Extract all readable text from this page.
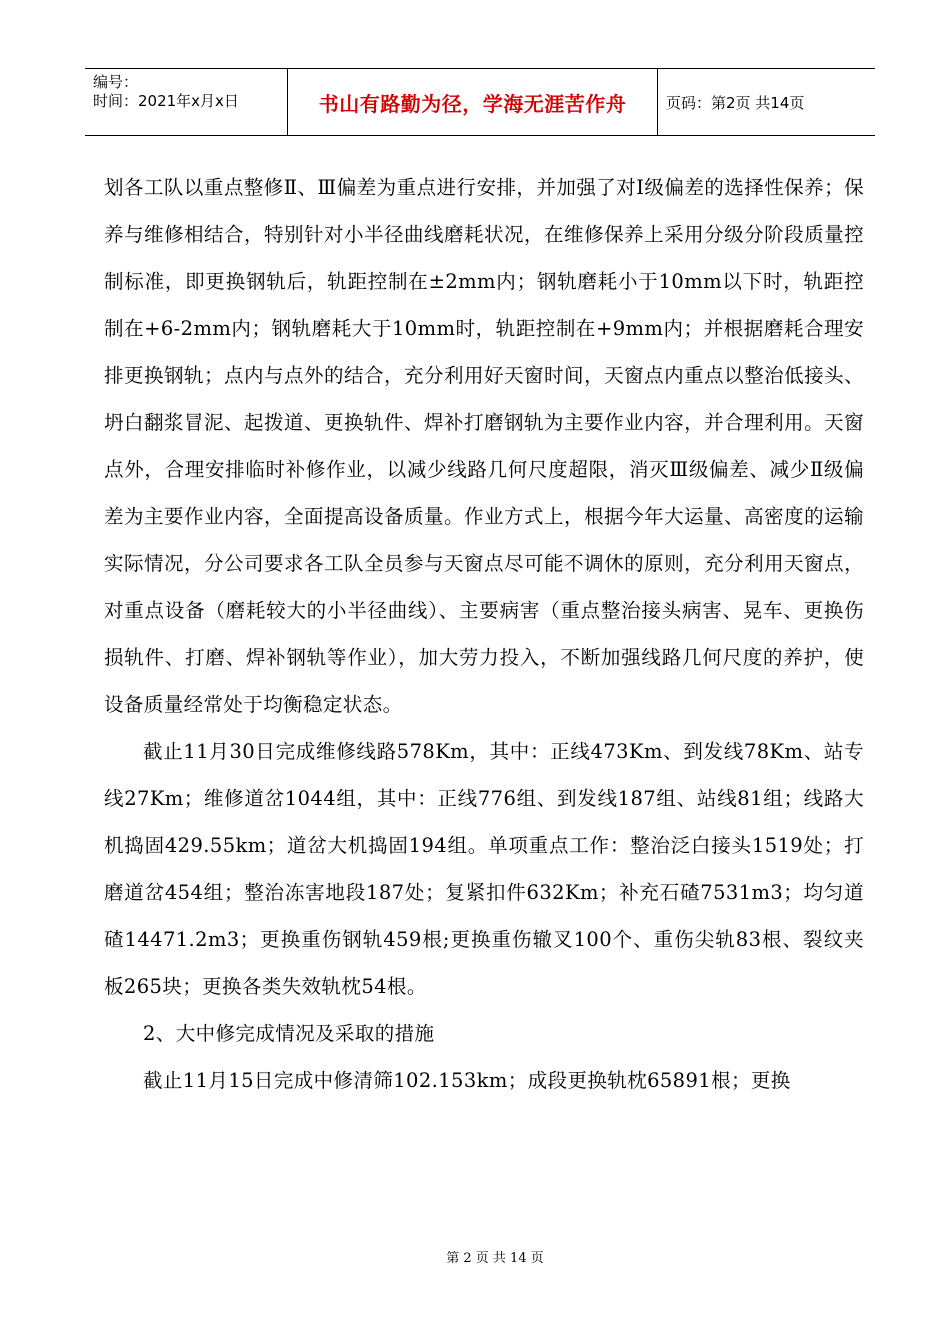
编号：
时间：2021年x月x日	书山有路勤为径，学海无涯苦作舟	页码：第2页 共14页

划各工队以重点整修Ⅱ、Ⅲ偏差为重点进行安排，并加强了对Ⅰ级偏差的选择性保养；保养与维修相结合，特别针对小半径曲线磨耗状况，在维修保养上采用分级分阶段质量控制标准，即更换钢轨后，轨距控制在±2mm内；钢轨磨耗小于10mm以下时，轨距控制在+6-2mm内；钢轨磨耗大于10mm时，轨距控制在+9mm内；并根据磨耗合理安排更换钢轨；点内与点外的结合，充分利用好天窗时间，天窗点内重点以整治低接头、坍白翻浆冒泥、起拨道、更换轨件、焊补打磨钢轨为主要作业内容，并合理利用。天窗点外，合理安排临时补修作业，以减少线路几何尺度超限，消灭Ⅲ级偏差、减少Ⅱ级偏差为主要作业内容，全面提高设备质量。作业方式上，根据今年大运量、高密度的运输实际情况，分公司要求各工队全员参与天窗点尽可能不调休的原则，充分利用天窗点，对重点设备（磨耗较大的小半径曲线）、主要病害（重点整治接头病害、晃车、更换伤损轨件、打磨、焊补钢轨等作业），加大劳力投入，不断加强线路几何尺度的养护，使设备质量经常处于均衡稳定状态。

截止11月30日完成维修线路578Km，其中：正线473Km、到发线78Km、站专线27Km；维修道岔1044组，其中：正线776组、到发线187组、站线81组；线路大机捣固429.55km；道岔大机捣固194组。单项重点工作：整治泛白接头1519处；打磨道岔454组；整治冻害地段187处；复紧扣件632Km；补充石碴7531m3；均匀道碴14471.2m3；更换重伤钢轨459根;更换重伤辙叉100个、重伤尖轨83根、裂纹夹板265块；更换各类失效轨枕54根。

2、大中修完成情况及采取的措施

截止11月15日完成中修清筛102.153km；成段更换轨枕65891根；更换

第 2 页 共 14 页
